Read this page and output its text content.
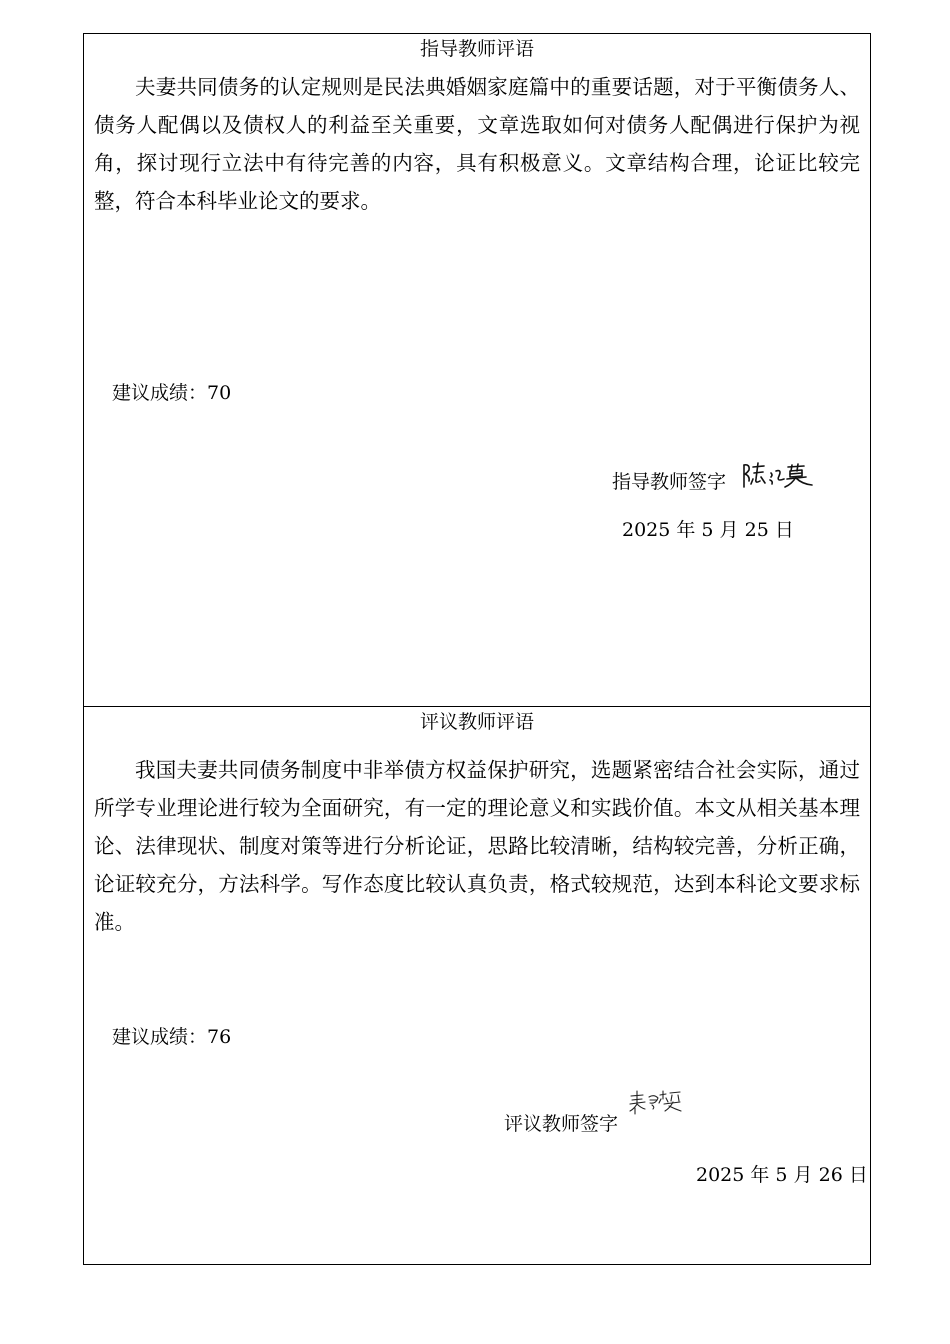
指导教师评语
夫妻共同债务的认定规则是民法典婚姻家庭篇中的重要话题，对于平衡债务人、债务人配偶以及债权人的利益至关重要，文章选取如何对债务人配偶进行保护为视角，探讨现行立法中有待完善的内容，具有积极意义。文章结构合理，论证比较完整，符合本科毕业论文的要求。
建议成绩：70
指导教师签字
2025 年 5 月 25 日
评议教师评语
我国夫妻共同债务制度中非举债方权益保护研究，选题紧密结合社会实际，通过所学专业理论进行较为全面研究，有一定的理论意义和实践价值。本文从相关基本理论、法律现状、制度对策等进行分析论证，思路比较清晰，结构较完善，分析正确，论证较充分，方法科学。写作态度比较认真负责，格式较规范，达到本科论文要求标准。
建议成绩：76
评议教师签字
2025 年 5 月 26 日
